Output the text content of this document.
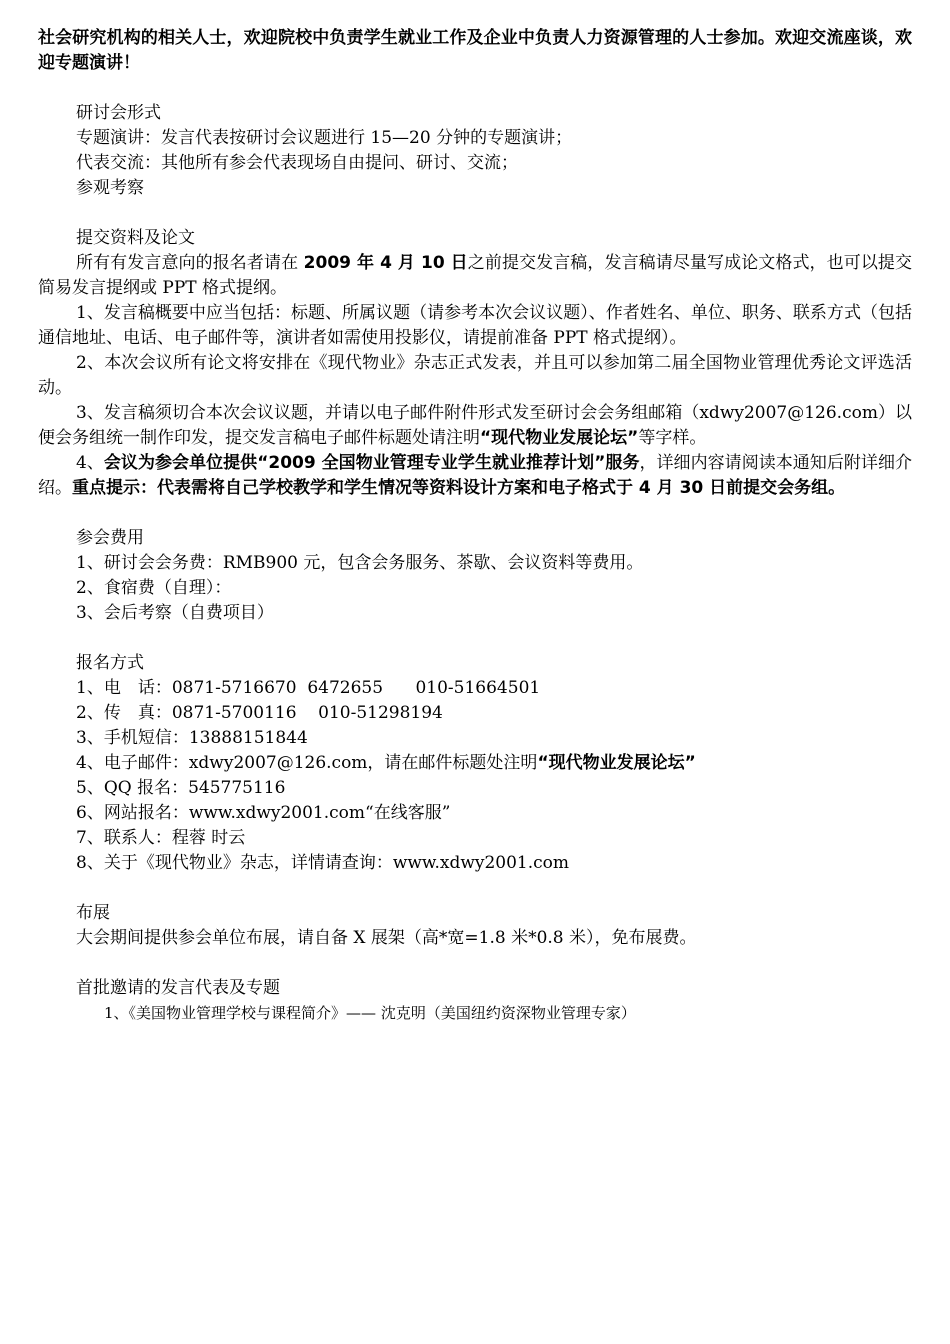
社会研究机构的相关人士，欢迎院校中负责学生就业工作及企业中负责人力资源管理的人士参加。欢迎交流座谈，欢迎专题演讲！

研讨会形式

专题演讲：发言代表按研讨会议题进行 15—20 分钟的专题演讲；

代表交流：其他所有参会代表现场自由提问、研讨、交流；

参观考察

提交资料及论文

所有有发言意向的报名者请在 2009 年 4 月 10 日之前提交发言稿，发言稿请尽量写成论文格式，也可以提交简易发言提纲或 PPT 格式提纲。

1、发言稿概要中应当包括：标题、所属议题（请参考本次会议议题）、作者姓名、单位、职务、联系方式（包括通信地址、电话、电子邮件等，演讲者如需使用投影仪，请提前准备 PPT 格式提纲）。

2、本次会议所有论文将安排在《现代物业》杂志正式发表，并且可以参加第二届全国物业管理优秀论文评选活动。

3、发言稿须切合本次会议议题，并请以电子邮件附件形式发至研讨会会务组邮箱（xdwy2007@126.com）以便会务组统一制作印发，提交发言稿电子邮件标题处请注明“现代物业发展论坛”等字样。

4、会议为参会单位提供“2009 全国物业管理专业学生就业推荐计划”服务，详细内容请阅读本通知后附详细介绍。重点提示：代表需将自己学校教学和学生情况等资料设计方案和电子格式于 4 月 30 日前提交会务组。

参会费用

1、研讨会会务费：RMB900 元，包含会务服务、茶歇、会议资料等费用。

2、食宿费（自理）：

3、会后考察（自费项目）

报名方式

1、电　话：0871-5716670  6472655      010-51664501

2、传　真：0871-5700116    010-51298194

3、手机短信：13888151844

4、电子邮件：xdwy2007@126.com，请在邮件标题处注明“现代物业发展论坛”

5、QQ 报名：545775116

6、网站报名：www.xdwy2001.com“在线客服”

7、联系人：程蓉 时云

8、关于《现代物业》杂志，详情请查询：www.xdwy2001.com

布展

大会期间提供参会单位布展，请自备 X 展架（高*宽=1.8 米*0.8 米），免布展费。

首批邀请的发言代表及专题

1、《美国物业管理学校与课程简介》—— 沈克明（美国纽约资深物业管理专家）
